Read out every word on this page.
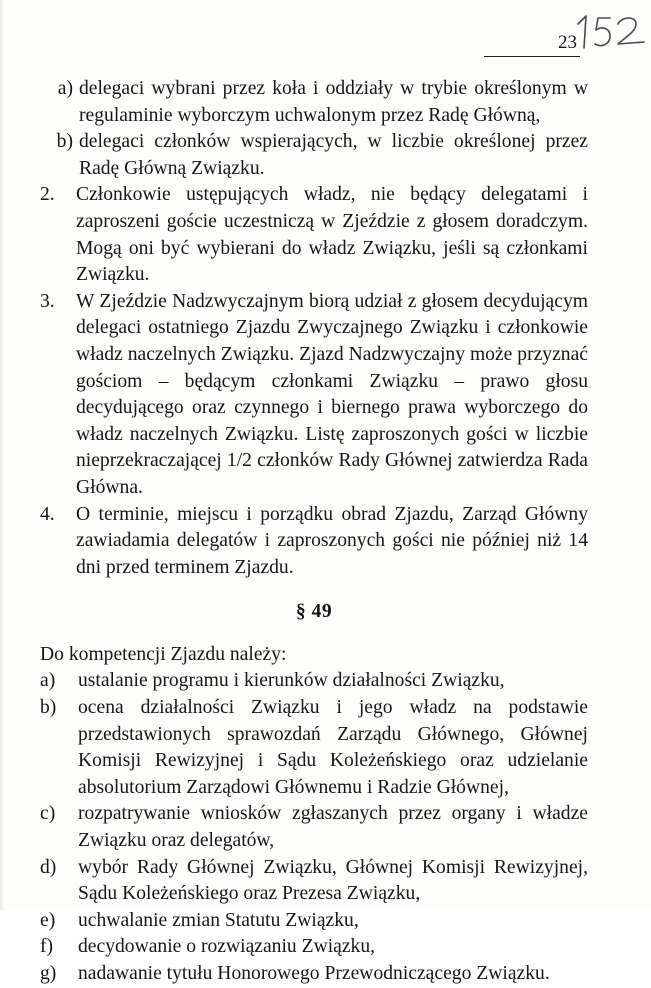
23
a) delegaci wybrani przez koła i oddziały w trybie określonym w regulaminie wyborczym uchwalonym przez Radę Główną,
b) delegaci członków wspierających, w liczbie określonej przez Radę Główną Związku.
2.	Członkowie ustępujących władz, nie będący delegatami i zaproszeni goście uczestniczą w Zjeździe z głosem doradczym. Mogą oni być wybierani do władz Związku, jeśli są członkami Związku.
3.	W Zjeździe Nadzwyczajnym biorą udział z głosem decydującym delegaci ostatniego Zjazdu Zwyczajnego Związku i członkowie władz naczelnych Związku. Zjazd Nadzwyczajny może przyznać gościom – będącym członkami Związku – prawo głosu decydującego oraz czynnego i biernego prawa wyborczego do władz naczelnych Związku. Listę zaproszonych gości w liczbie nieprzekraczającej 1/2 członków Rady Głównej zatwierdza Rada Główna.
4.	O terminie, miejscu i porządku obrad Zjazdu, Zarząd Główny zawiadamia delegatów i zaproszonych gości nie później niż 14 dni przed terminem Zjazdu.
§ 49

Do kompetencji Zjazdu należy:

a)	ustalanie programu i kierunków działalności Związku,
b)	ocena działalności Związku i jego władz na podstawie przedstawionych sprawozdań Zarządu Głównego, Głównej Komisji Rewizyjnej i Sądu Koleżeńskiego oraz udzielanie absolutorium Zarządowi Głównemu i Radzie Głównej,
c)	rozpatrywanie wniosków zgłaszanych przez organy i władze Związku oraz delegatów,
d)	wybór Rady Głównej Związku, Głównej Komisji Rewizyjnej, Sądu Koleżeńskiego oraz Prezesa Związku,
e)	uchwalanie zmian Statutu Związku,
f)	decydowanie o rozwiązaniu Związku,
g)	nadawanie tytułu Honorowego Przewodniczącego Związku.
